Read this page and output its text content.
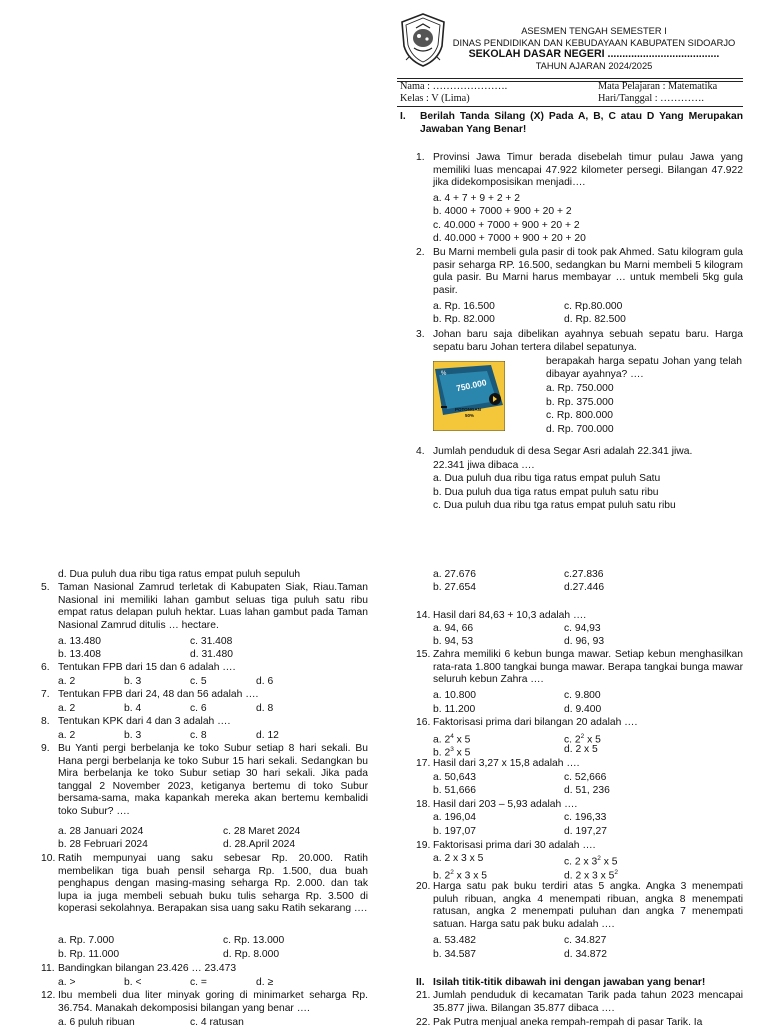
ASESMEN TENGAH SEMESTER I
DINAS PENDIDIKAN DAN KEBUDAYAAN KABUPATEN SIDOARJO
SEKOLAH DASAR NEGERI ......................................
TAHUN AJARAN 2024/2025
Nama : ………………….
Kelas : V (Lima)
Mata Pelajaran : Matematika
Hari/Tanggal : ………….
I. Berilah Tanda Silang (X) Pada A, B, C atau D Yang Merupakan Jawaban Yang Benar!
1. Provinsi Jawa Timur berada disebelah timur pulau Jawa yang memiliki luas mencapai 47.922 kilometer persegi. Bilangan 47.922 jika didekomposisikan menjadi….
a. 4 + 7 + 9 + 2 + 2
b. 4000 + 7000 + 900 + 20 + 2
c. 40.000 + 7000 + 900 + 20 + 2
d. 40.000 + 7000 + 900 + 20 + 20
2. Bu Marni membeli gula pasir di took pak Ahmed. Satu kilogram gula pasir seharga RP. 16.500, sedangkan bu Marni membeli 5 kilogram gula pasir. Bu Marni harus membayar … untuk membeli 5kg gula pasir.
a. Rp. 16.500	c. Rp.80.000
b. Rp. 82.000	d. Rp. 82.500
3. Johan baru saja dibelikan ayahnya sebuah sepatu baru. Harga sepatu baru Johan tertera dilabel sepatunya.
750.000
%
POTONGAN
50%
berapakah harga sepatu Johan yang telah dibayar ayahnya? ….
a. Rp. 750.000
b. Rp. 375.000
c. Rp. 800.000
d. Rp. 700.000
4. Jumlah penduduk di desa Segar Asri adalah 22.341 jiwa.
22.341 jiwa dibaca ….
a. Dua puluh dua ribu tiga ratus empat puluh Satu
b. Dua puluh dua tiga ratus empat puluh satu ribu
c. Dua puluh dua ribu tga ratus empat puluh satu ribu
d. Dua puluh dua ribu tiga ratus empat puluh sepuluh
5. Taman Nasional Zamrud terletak di Kabupaten Siak, Riau.Taman Nasional ini memiliki lahan gambut seluas tiga puluh satu ribu empat ratus delapan puluh hektar. Luas lahan gambut pada Taman Nasional Zamrud ditulis … hectare.
a. 13.480	c. 31.408
b. 13.408	d. 31.480
6. Tentukan FPB dari 15 dan 6 adalah ….
a. 2	b. 3	c. 5	d. 6
7. Tentukan FPB dari 24, 48 dan 56 adalah ….
a. 2	b. 4	c. 6	d. 8
8. Tentukan KPK dari 4 dan 3 adalah ….
a. 2	b. 3	c. 8	d. 12
9. Bu Yanti pergi berbelanja ke toko Subur setiap 8 hari sekali. Bu Hana pergi berbelanja ke toko Subur 15 hari sekali. Sedangkan bu Mira berbelanja ke toko Subur setiap 30 hari sekali. Jika pada tanggal 2 November 2023, ketiganya bertemu di toko Subur bersama-sama, maka kapankah mereka akan bertemu kembalidi toko Subur? ….
a. 28 Januari 2024	c. 28 Maret 2024
b. 28 Februari 2024	d. 28.April 2024
10. Ratih mempunyai uang saku sebesar Rp. 20.000. Ratih membelikan tiga buah pensil seharga Rp. 1.500, dua buah penghapus dengan masing-masing seharga Rp. 2.000. dan tak lupa ia juga membeli sebuah buku tulis seharga Rp. 3.500 di koperasi sekolahnya. Berapakan sisa uang saku Ratih sekarang ….
a. Rp. 7.000	c. Rp. 13.000
b. Rp. 11.000	d. Rp. 8.000
11. Bandingkan bilangan 23.426 … 23.473
a. >	b. <	c. =	d. ≥
12. Ibu membeli dua liter minyak goring di minimarket seharga Rp. 36.754. Manakah dekomposisi bilangan yang benar ….
a. 6 puluh ribuan	c. 4 ratusan
a. 27.676	c.27.836
b. 27.654	d.27.446
14. Hasil dari 84,63 + 10,3 adalah ….
a. 94, 66	c. 94,93
b. 94, 53	d. 96, 93
15. Zahra memiliki 6 kebun bunga mawar. Setiap kebun menghasilkan rata-rata 1.800 tangkai bunga mawar. Berapa tangkai bunga mawar seluruh kebun Zahra ….
a. 10.800	c. 9.800
b. 11.200	d. 9.400
16. Faktorisasi prima dari bilangan 20 adalah ….
a. $2^4$ x 5	c. $2^2$ x 5
b. $2^3$ x 5	d. 2 x 5
17. Hasil dari 3,27 x 15,8 adalah ….
a. 50,643	c. 52,666
b. 51,666	d. 51, 236
18. Hasil dari 203 – 5,93 adalah ….
a. 196,04	c. 196,33
b. 197,07	d. 197,27
19. Faktorisasi prima dari 30 adalah ….
a. 2 x 3 x 5	c. 2 x $3^2$ x 5
b. $2^2$ x 3 x 5	d. 2 x 3 x $5^2$
20. Harga satu pak buku terdiri atas 5 angka. Angka 3 menempati puluh ribuan, angka 4 menempati ribuan, angka 8 menempati ratusan, angka 2 menempati puluhan dan angka 7 menempati satuan. Harga satu pak buku adalah ….
a. 53.482	c. 34.827
b. 34.587	d. 34.872
II. Isilah titik-titik dibawah ini dengan jawaban yang benar!
21. Jumlah penduduk di kecamatan Tarik pada tahun 2023 mencapai 35.877 jiwa. Bilangan 35.877 dibaca ….
22. Pak Putra menjual aneka rempah-rempah di pasar Tarik. Ia
